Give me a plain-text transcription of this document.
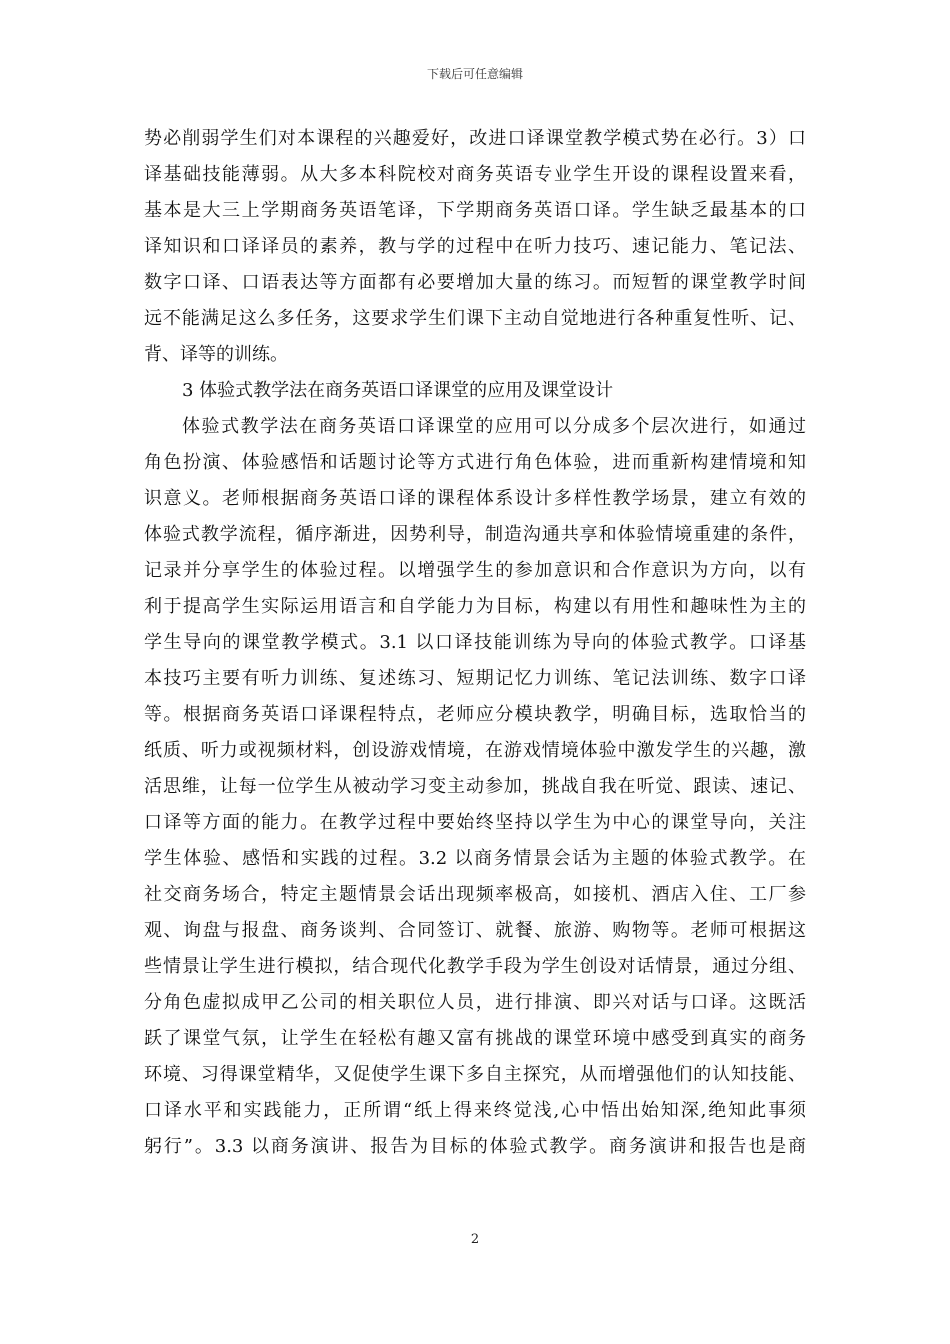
下载后可任意编辑
势必削弱学生们对本课程的兴趣爱好，改进口译课堂教学模式势在必行。3）口
译基础技能薄弱。从大多本科院校对商务英语专业学生开设的课程设置来看，
基本是大三上学期商务英语笔译，下学期商务英语口译。学生缺乏最基本的口
译知识和口译译员的素养，教与学的过程中在听力技巧、速记能力、笔记法、
数字口译、口语表达等方面都有必要增加大量的练习。而短暂的课堂教学时间
远不能满足这么多任务，这要求学生们课下主动自觉地进行各种重复性听、记、
背、译等的训练。
3 体验式教学法在商务英语口译课堂的应用及课堂设计
体验式教学法在商务英语口译课堂的应用可以分成多个层次进行，如通过
角色扮演、体验感悟和话题讨论等方式进行角色体验，进而重新构建情境和知
识意义。老师根据商务英语口译的课程体系设计多样性教学场景，建立有效的
体验式教学流程，循序渐进，因势利导，制造沟通共享和体验情境重建的条件，
记录并分享学生的体验过程。以增强学生的参加意识和合作意识为方向，以有
利于提高学生实际运用语言和自学能力为目标，构建以有用性和趣味性为主的
学生导向的课堂教学模式。3.1 以口译技能训练为导向的体验式教学。口译基
本技巧主要有听力训练、复述练习、短期记忆力训练、笔记法训练、数字口译
等。根据商务英语口译课程特点，老师应分模块教学，明确目标，选取恰当的
纸质、听力或视频材料，创设游戏情境，在游戏情境体验中激发学生的兴趣，激
活思维，让每一位学生从被动学习变主动参加，挑战自我在听觉、跟读、速记、
口译等方面的能力。在教学过程中要始终坚持以学生为中心的课堂导向，关注
学生体验、感悟和实践的过程。3.2 以商务情景会话为主题的体验式教学。在
社交商务场合，特定主题情景会话出现频率极高，如接机、酒店入住、工厂参
观、询盘与报盘、商务谈判、合同签订、就餐、旅游、购物等。老师可根据这
些情景让学生进行模拟，结合现代化教学手段为学生创设对话情景，通过分组、
分角色虚拟成甲乙公司的相关职位人员，进行排演、即兴对话与口译。这既活
跃了课堂气氛，让学生在轻松有趣又富有挑战的课堂环境中感受到真实的商务
环境、习得课堂精华，又促使学生课下多自主探究，从而增强他们的认知技能、
口译水平和实践能力，正所谓“纸上得来终觉浅,心中悟出始知深,绝知此事须
躬行”。3.3 以商务演讲、报告为目标的体验式教学。商务演讲和报告也是商
2
